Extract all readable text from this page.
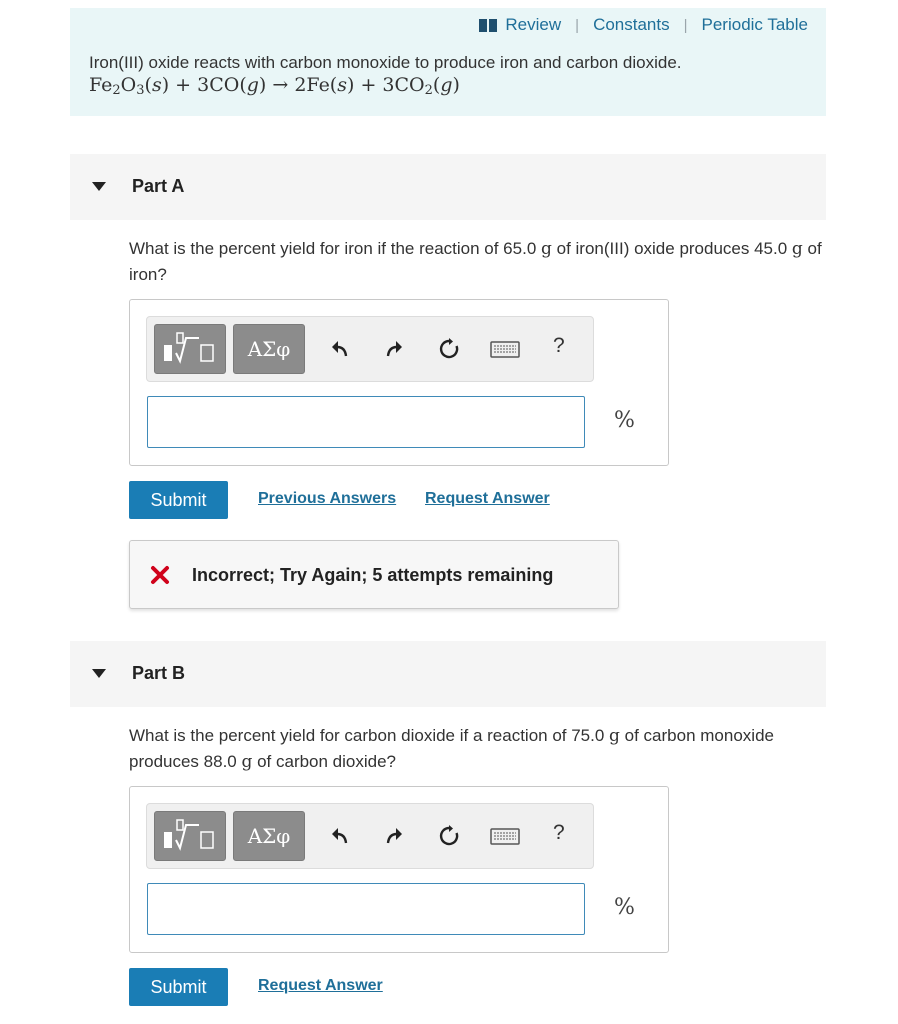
Review | Constants | Periodic Table
Iron(III) oxide reacts with carbon monoxide to produce iron and carbon dioxide.
$Fe_2O_3(s) + 3CO(g) \to 2Fe(s) + 3CO_2(g)$
Part A
What is the percent yield for iron if the reaction of 65.0 g of iron(III) oxide produces 45.0 g of iron?
ΑΣφ	?
%
Submit	Previous Answers Request Answer
Incorrect; Try Again; 5 attempts remaining
Part B
What is the percent yield for carbon dioxide if a reaction of 75.0 g of carbon monoxide produces 88.0 g of carbon dioxide?
ΑΣφ	?
%
Submit	Request Answer
